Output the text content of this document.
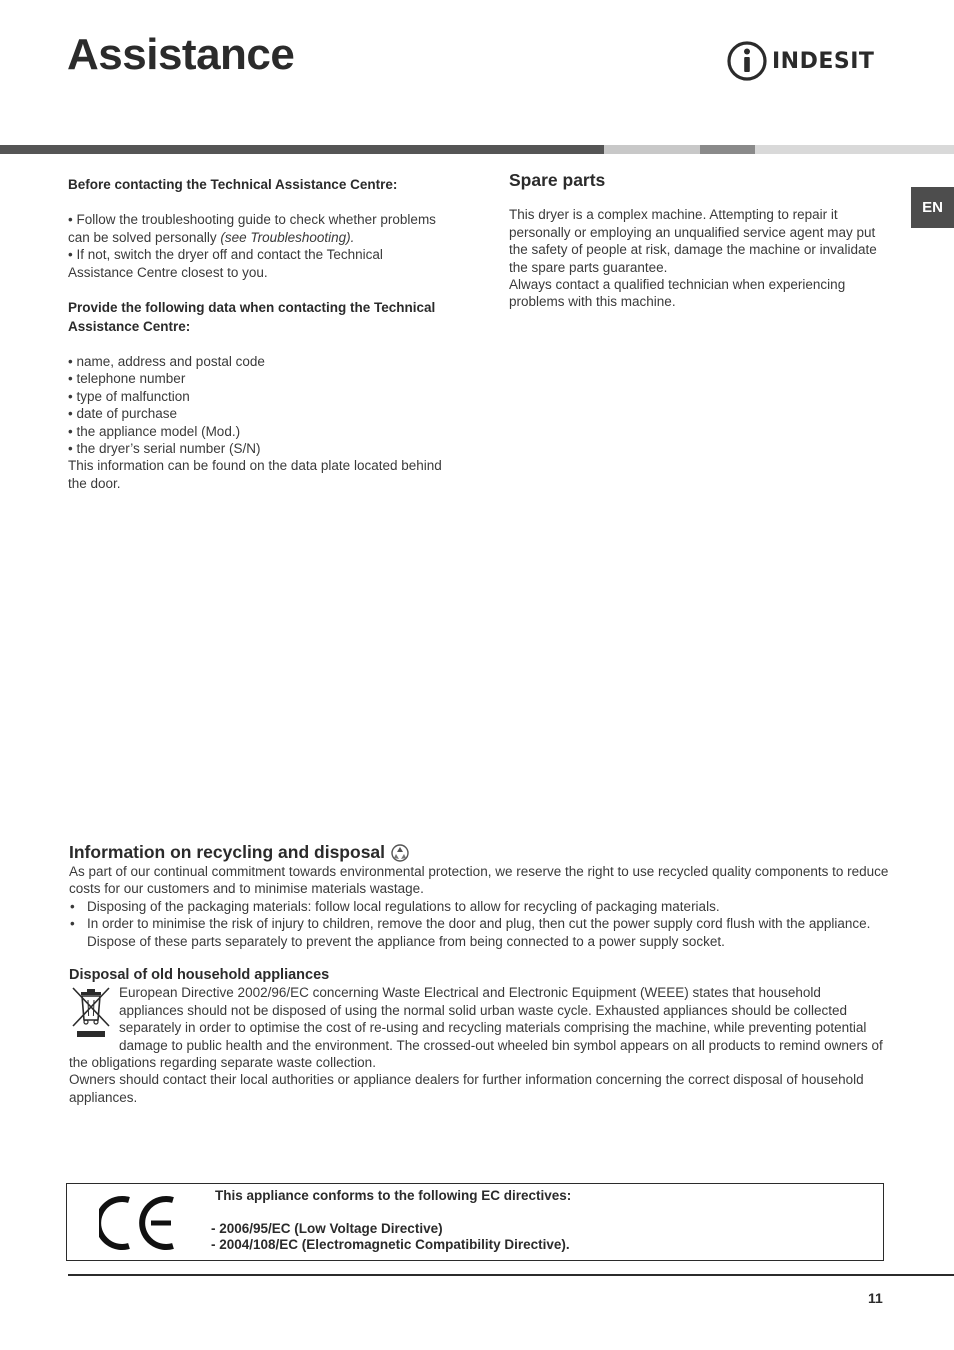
Assistance	INDESIT
EN

Before contacting the Technical Assistance Centre:

• Follow the troubleshooting guide to check whether problems can be solved personally (see Troubleshooting).

• If not, switch the dryer off and contact the Technical Assistance Centre closest to you.

Provide the following data when contacting the Technical Assistance Centre:

• name, address and postal code
• telephone number
• type of malfunction
• date of purchase
• the appliance model (Mod.)
• the dryer’s serial number (S/N)

This information can be found on the data plate located behind the door.

Spare parts

This dryer is a complex machine. Attempting to repair it personally or employing an unqualified service agent may put the safety of people at risk, damage the machine or invalidate the spare parts guarantee.

Always contact a qualified technician when experiencing problems with this machine.

Information on recycling and disposal

As part of our continual commitment towards environmental protection, we reserve the right to use recycled quality components to reduce costs for our customers and to minimise materials wastage.

• Disposing of the packaging materials: follow local regulations to allow for recycling of packaging materials.
• In order to minimise the risk of injury to children, remove the door and plug, then cut the power supply cord flush with the appliance. Dispose of these parts separately to prevent the appliance from being connected to a power supply socket.

Disposal of old household appliances

European Directive 2002/96/EC concerning Waste Electrical and Electronic Equipment (WEEE) states that household appliances should not be disposed of using the normal solid urban waste cycle. Exhausted appliances should be collected separately in order to optimise the cost of re-using and recycling materials comprising the machine, while preventing potential damage to public health and the environment. The crossed-out wheeled bin symbol appears on all products to remind owners of the obligations regarding separate waste collection.

Owners should contact their local authorities or appliance dealers for further information concerning the correct disposal of household appliances.

This appliance conforms to the following EC directives:

- 2006/95/EC (Low Voltage Directive)

- 2004/108/EC (Electromagnetic Compatibility Directive).

11
